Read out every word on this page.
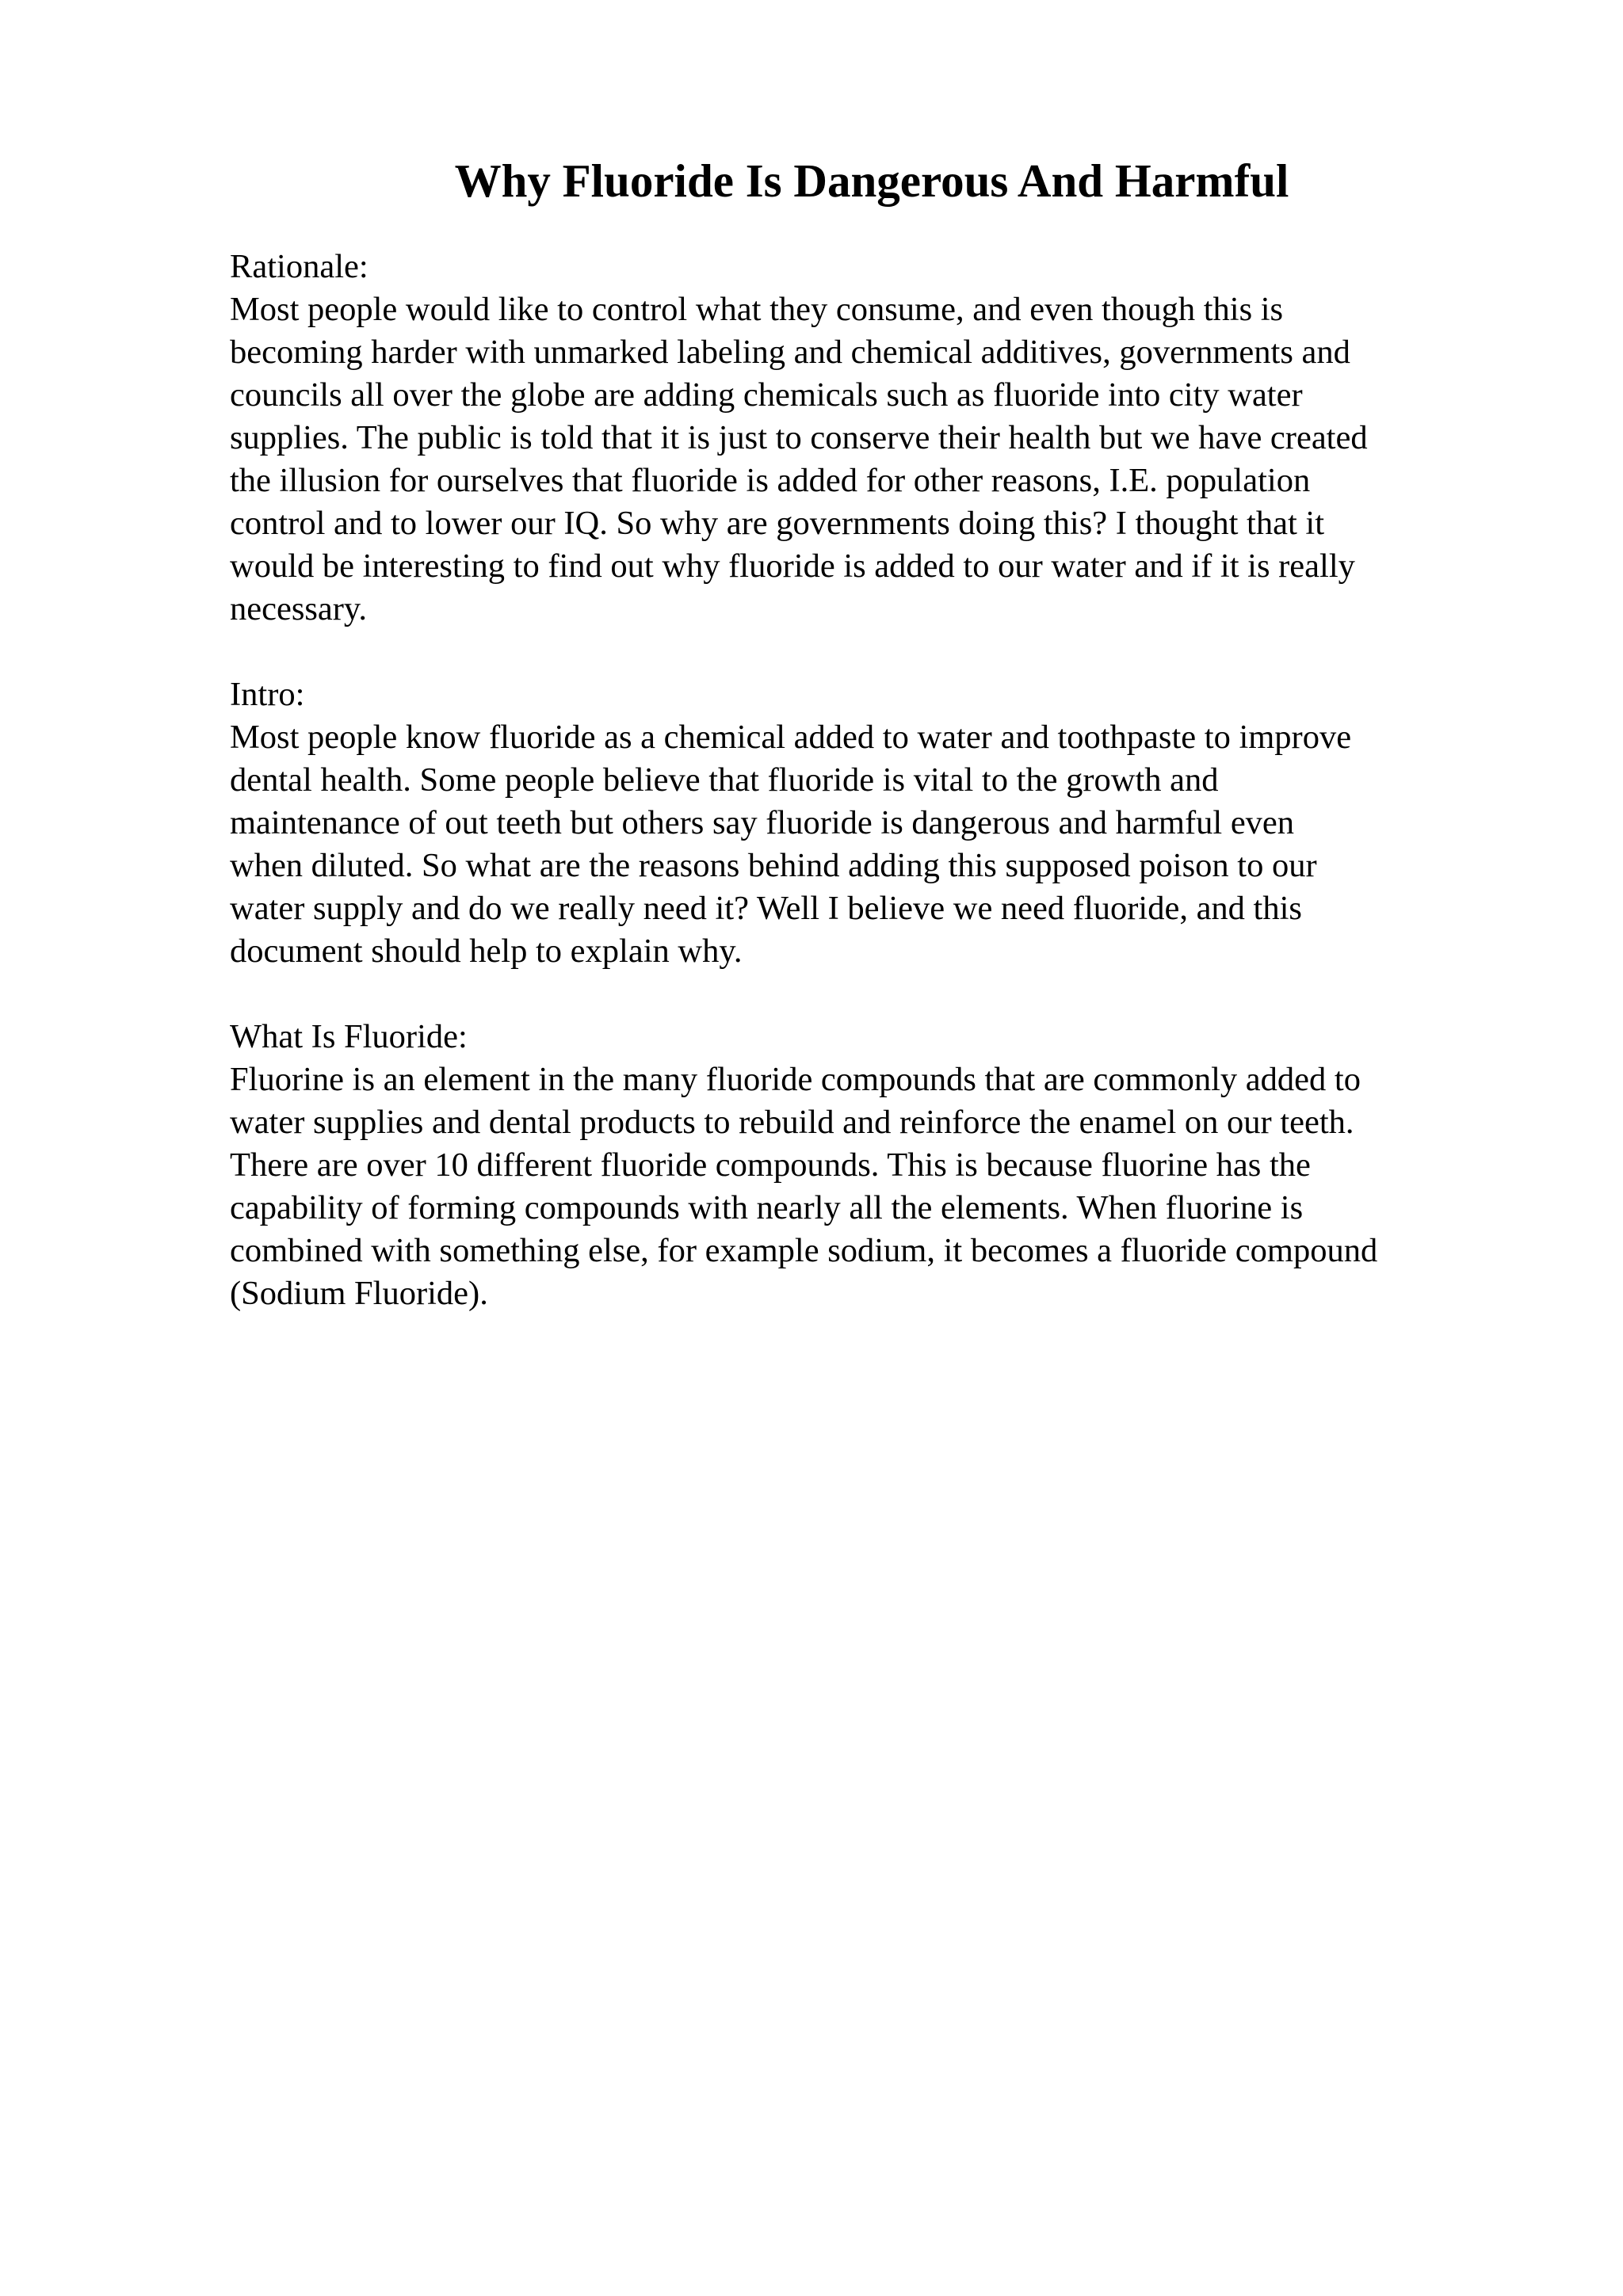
Why Fluoride Is Dangerous And Harmful
Rationale:
Most people would like to control what they consume, and even though this is
becoming harder with unmarked labeling and chemical additives, governments and
councils all over the globe are adding chemicals such as fluoride into city water
supplies. The public is told that it is just to conserve their health but we have created
the illusion for ourselves that fluoride is added for other reasons, I.E. population
control and to lower our IQ. So why are governments doing this? I thought that it
would be interesting to find out why fluoride is added to our water and if it is really
necessary.
Intro:
Most people know fluoride as a chemical added to water and toothpaste to improve
dental health. Some people believe that fluoride is vital to the growth and
maintenance of out teeth but others say fluoride is dangerous and harmful even
when diluted. So what are the reasons behind adding this supposed poison to our
water supply and do we really need it? Well I believe we need fluoride, and this
document should help to explain why.
What Is Fluoride:
Fluorine is an element in the many fluoride compounds that are commonly added to
water supplies and dental products to rebuild and reinforce the enamel on our teeth.
There are over 10 different fluoride compounds. This is because fluorine has the
capability of forming compounds with nearly all the elements. When fluorine is
combined with something else, for example sodium, it becomes a fluoride compound
(Sodium Fluoride).
